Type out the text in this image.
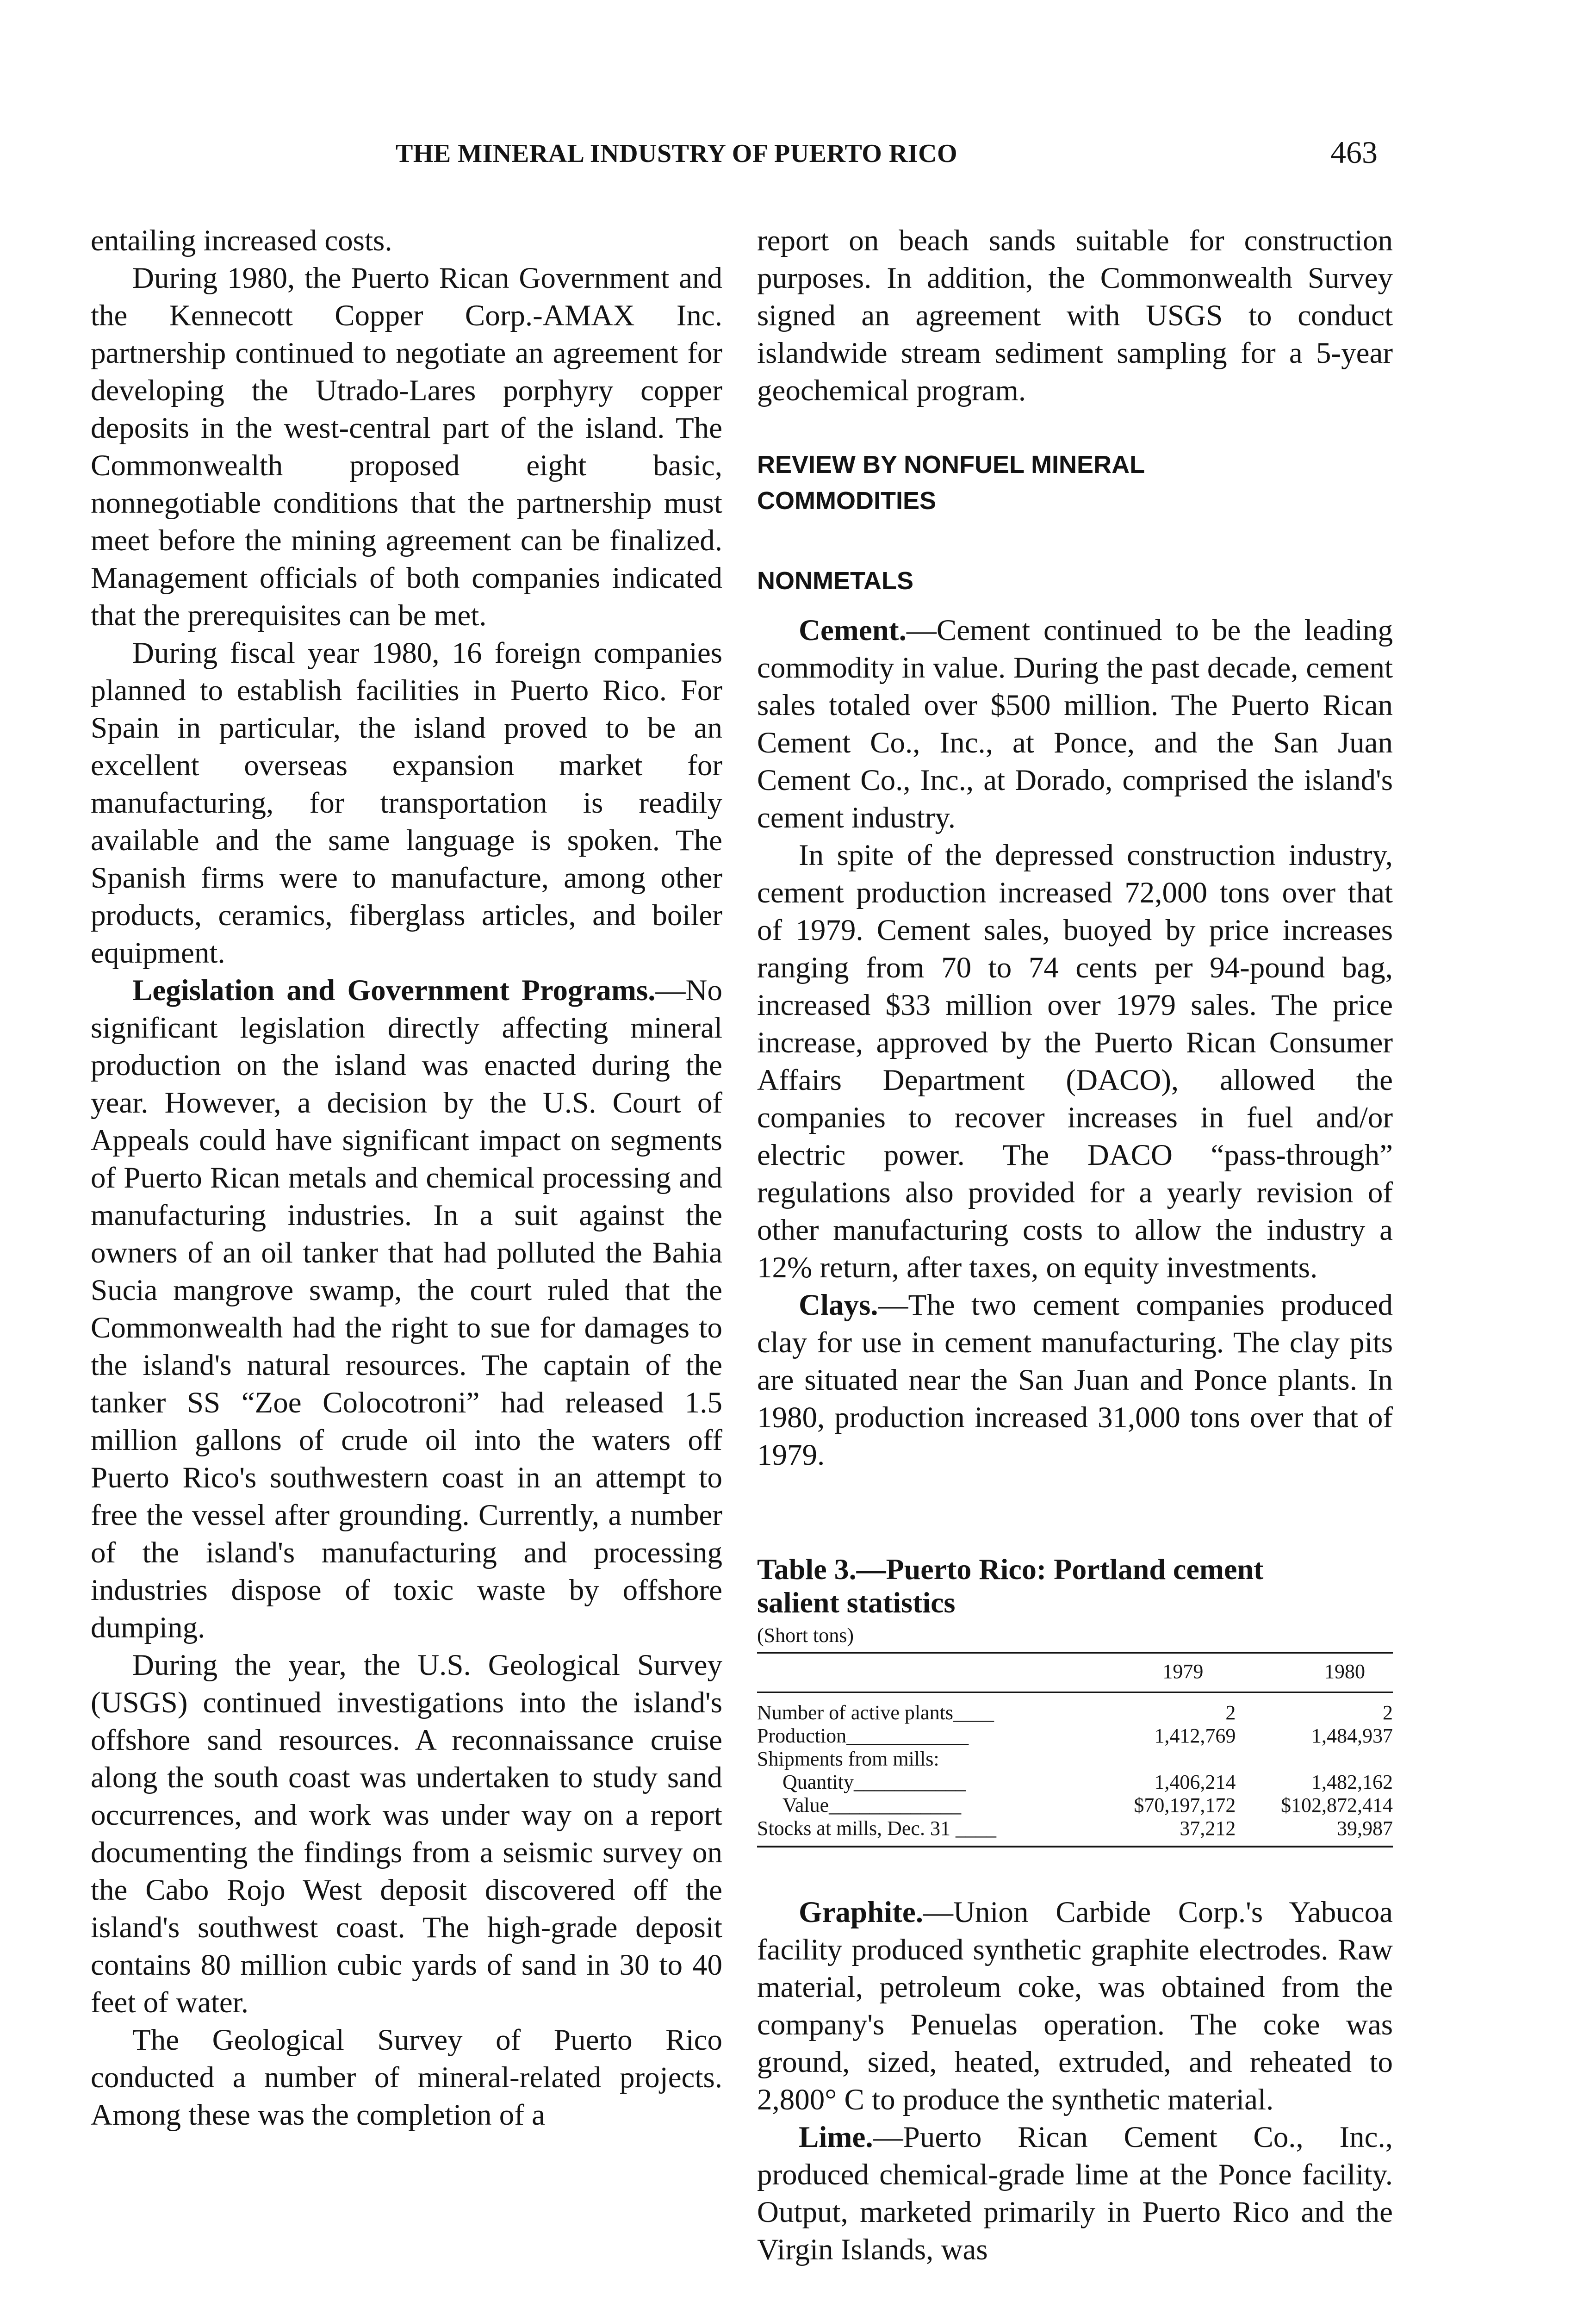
THE MINERAL INDUSTRY OF PUERTO RICO	463

entailing increased costs.

During 1980, the Puerto Rican Government and the Kennecott Copper Corp.-AMAX Inc. partnership continued to negotiate an agreement for developing the Utrado-Lares porphyry copper deposits in the west-central part of the island. The Commonwealth proposed eight basic, nonnegotiable conditions that the partnership must meet before the mining agreement can be finalized. Management officials of both companies indicated that the prerequisites can be met.

During fiscal year 1980, 16 foreign companies planned to establish facilities in Puerto Rico. For Spain in particular, the island proved to be an excellent overseas expansion market for manufacturing, for transportation is readily available and the same language is spoken. The Spanish firms were to manufacture, among other products, ceramics, fiberglass articles, and boiler equipment.

Legislation and Government Programs.—No significant legislation directly affecting mineral production on the island was enacted during the year. However, a decision by the U.S. Court of Appeals could have significant impact on segments of Puerto Rican metals and chemical processing and manufacturing industries. In a suit against the owners of an oil tanker that had polluted the Bahia Sucia mangrove swamp, the court ruled that the Commonwealth had the right to sue for damages to the island's natural resources. The captain of the tanker SS “Zoe Colocotroni” had released 1.5 million gallons of crude oil into the waters off Puerto Rico's southwestern coast in an attempt to free the vessel after grounding. Currently, a number of the island's manufacturing and processing industries dispose of toxic waste by offshore dumping.

During the year, the U.S. Geological Survey (USGS) continued investigations into the island's offshore sand resources. A reconnaissance cruise along the south coast was undertaken to study sand occurrences, and work was under way on a report documenting the findings from a seismic survey on the Cabo Rojo West deposit discovered off the island's southwest coast. The high-grade deposit contains 80 million cubic yards of sand in 30 to 40 feet of water.

The Geological Survey of Puerto Rico conducted a number of mineral-related projects. Among these was the completion of a

report on beach sands suitable for construction purposes. In addition, the Commonwealth Survey signed an agreement with USGS to conduct islandwide stream sediment sampling for a 5-year geochemical program.

REVIEW BY NONFUEL MINERAL

COMMODITIES

NONMETALS

Cement.—Cement continued to be the leading commodity in value. During the past decade, cement sales totaled over $500 million. The Puerto Rican Cement Co., Inc., at Ponce, and the San Juan Cement Co., Inc., at Dorado, comprised the island's cement industry.

In spite of the depressed construction industry, cement production increased 72,000 tons over that of 1979. Cement sales, buoyed by price increases ranging from 70 to 74 cents per 94-pound bag, increased $33 million over 1979 sales. The price increase, approved by the Puerto Rican Consumer Affairs Department (DACO), allowed the companies to recover increases in fuel and/or electric power. The DACO “pass-through” regulations also provided for a yearly revision of other manufacturing costs to allow the industry a 12% return, after taxes, on equity investments.

Clays.—The two cement companies produced clay for use in cement manufacturing. The clay pits are situated near the San Juan and Ponce plants. In 1980, production increased 31,000 tons over that of 1979.

Table 3.—Puerto Rico: Portland cement

salient statistics

(Short tons)

	1979	1980
Number of active plants____	2	2
Production____________	1,412,769	1,484,937
Shipments from mills:		
Quantity___________	1,406,214	1,482,162
Value_____________	$70,197,172	$102,872,414
Stocks at mills, Dec. 31 ____	37,212	39,987

Graphite.—Union Carbide Corp.'s Yabucoa facility produced synthetic graphite electrodes. Raw material, petroleum coke, was obtained from the company's Penuelas operation. The coke was ground, sized, heated, extruded, and reheated to 2,800° C to produce the synthetic material.

Lime.—Puerto Rican Cement Co., Inc., produced chemical-grade lime at the Ponce facility. Output, marketed primarily in Puerto Rico and the Virgin Islands, was
